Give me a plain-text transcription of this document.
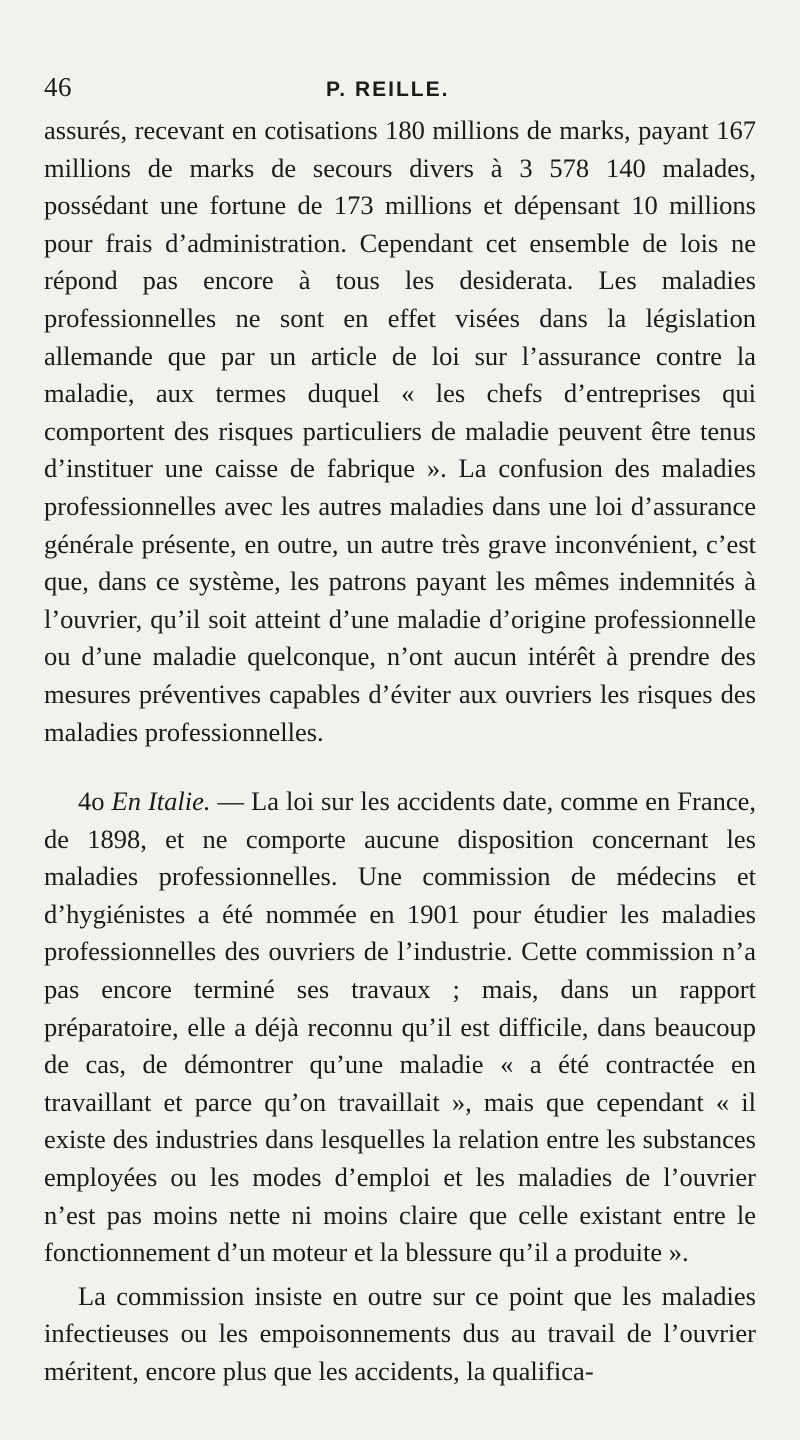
46	P. REILLE.

assurés, recevant en cotisations 180 millions de marks, payant 167 millions de marks de secours divers à 3 578 140 malades, possédant une fortune de 173 millions et dépensant 10 millions pour frais d’administration. Cependant cet ensemble de lois ne répond pas encore à tous les desiderata. Les maladies professionnelles ne sont en effet visées dans la législation allemande que par un article de loi sur l’assurance contre la maladie, aux termes duquel « les chefs d’entreprises qui comportent des risques particuliers de maladie peuvent être tenus d’instituer une caisse de fabrique ». La confusion des maladies professionnelles avec les autres maladies dans une loi d’assurance générale présente, en outre, un autre très grave inconvénient, c’est que, dans ce système, les patrons payant les mêmes indemnités à l’ouvrier, qu’il soit atteint d’une maladie d’origine professionnelle ou d’une maladie quelconque, n’ont aucun intérêt à prendre des mesures préventives capables d’éviter aux ouvriers les risques des maladies professionnelles.

4o En Italie. — La loi sur les accidents date, comme en France, de 1898, et ne comporte aucune disposition concernant les maladies professionnelles. Une commission de médecins et d’hygiénistes a été nommée en 1901 pour étudier les maladies professionnelles des ouvriers de l’industrie. Cette commission n’a pas encore terminé ses travaux ; mais, dans un rapport préparatoire, elle a déjà reconnu qu’il est difficile, dans beaucoup de cas, de démontrer qu’une maladie « a été contractée en travaillant et parce qu’on travaillait », mais que cependant « il existe des industries dans lesquelles la relation entre les substances employées ou les modes d’emploi et les maladies de l’ouvrier n’est pas moins nette ni moins claire que celle existant entre le fonctionnement d’un moteur et la blessure qu’il a produite ».

La commission insiste en outre sur ce point que les maladies infectieuses ou les empoisonnements dus au travail de l’ouvrier méritent, encore plus que les accidents, la qualifica-
